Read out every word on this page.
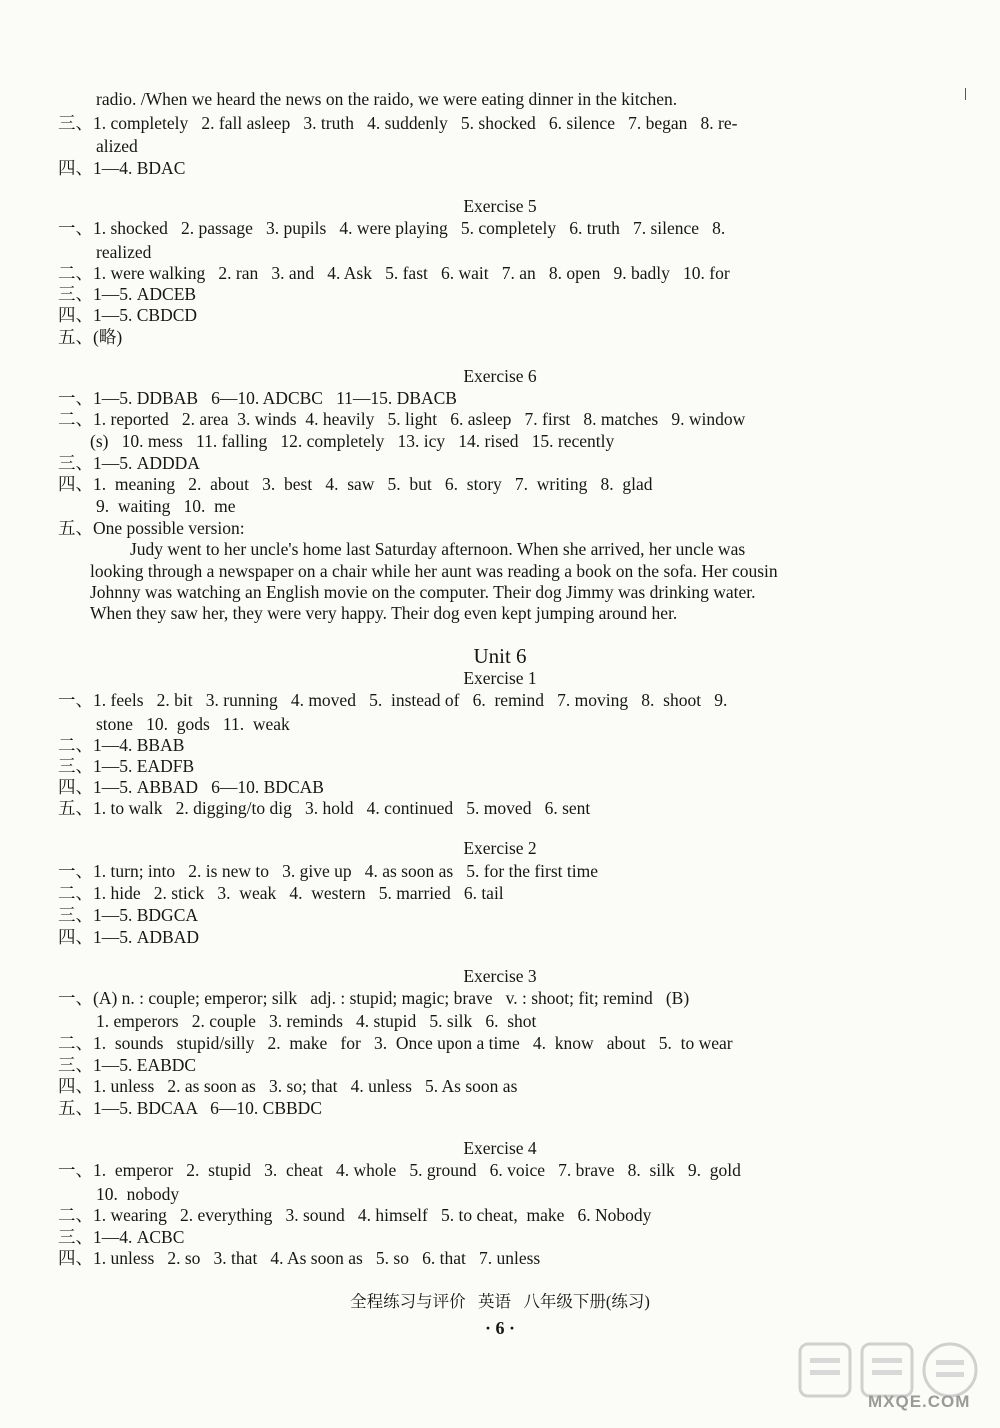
radio. /When we heard the news on the raido, we were eating dinner in the kitchen.
三、1. completely   2. fall asleep   3. truth   4. suddenly   5. shocked   6. silence   7. began   8. re-
alized
四、1—4. BDAC
Exercise 5
一、1. shocked   2. passage   3. pupils   4. were playing   5. completely   6. truth   7. silence   8.
realized
二、1. were walking   2. ran   3. and   4. Ask   5. fast   6. wait   7. an   8. open   9. badly   10. for
三、1—5. ADCEB
四、1—5. CBDCD
五、(略)
Exercise 6
一、1—5. DDBAB   6—10. ADCBC   11—15. DBACB
二、1. reported   2. area  3. winds  4. heavily   5. light   6. asleep   7. first   8. matches   9. window
(s)   10. mess   11. falling   12. completely   13. icy   14. rised   15. recently
三、1—5. ADDDA
四、1.  meaning   2.  about   3.  best   4.  saw   5.  but   6.  story   7.  writing   8.  glad
9.  waiting   10.  me
五、One possible version:
Judy went to her uncle's home last Saturday afternoon. When she arrived, her uncle was
looking through a newspaper on a chair while her aunt was reading a book on the sofa. Her cousin
Johnny was watching an English movie on the computer. Their dog Jimmy was drinking water.
When they saw her, they were very happy. Their dog even kept jumping around her.
Unit 6
Exercise 1
一、1. feels   2. bit   3. running   4. moved   5.  instead of   6.  remind   7. moving   8.  shoot   9.
stone   10.  gods   11.  weak
二、1—4. BBAB
三、1—5. EADFB
四、1—5. ABBAD   6—10. BDCAB
五、1. to walk   2. digging/to dig   3. hold   4. continued   5. moved   6. sent
Exercise 2
一、1. turn; into   2. is new to   3. give up   4. as soon as   5. for the first time
二、1. hide   2. stick   3.  weak   4.  western   5. married   6. tail
三、1—5. BDGCA
四、1—5. ADBAD
Exercise 3
一、(A) n. : couple; emperor; silk   adj. : stupid; magic; brave   v. : shoot; fit; remind   (B)
1. emperors   2. couple   3. reminds   4. stupid   5. silk   6.  shot
二、1.  sounds   stupid/silly   2.  make   for   3.  Once upon a time   4.  know   about   5.  to wear
三、1—5. EABDC
四、1. unless   2. as soon as   3. so; that   4. unless   5. As soon as
五、1—5. BDCAA   6—10. CBBDC
Exercise 4
一、1.  emperor   2.  stupid   3.  cheat   4. whole   5. ground   6. voice   7. brave   8.  silk   9.  gold
10.  nobody
二、1. wearing   2. everything   3. sound   4. himself   5. to cheat,  make   6. Nobody
三、1—4. ACBC
四、1. unless   2. so   3. that   4. As soon as   5. so   6. that   7. unless
全程练习与评价   英语   八年级下册(练习)
· 6 ·
MXQE.COM
